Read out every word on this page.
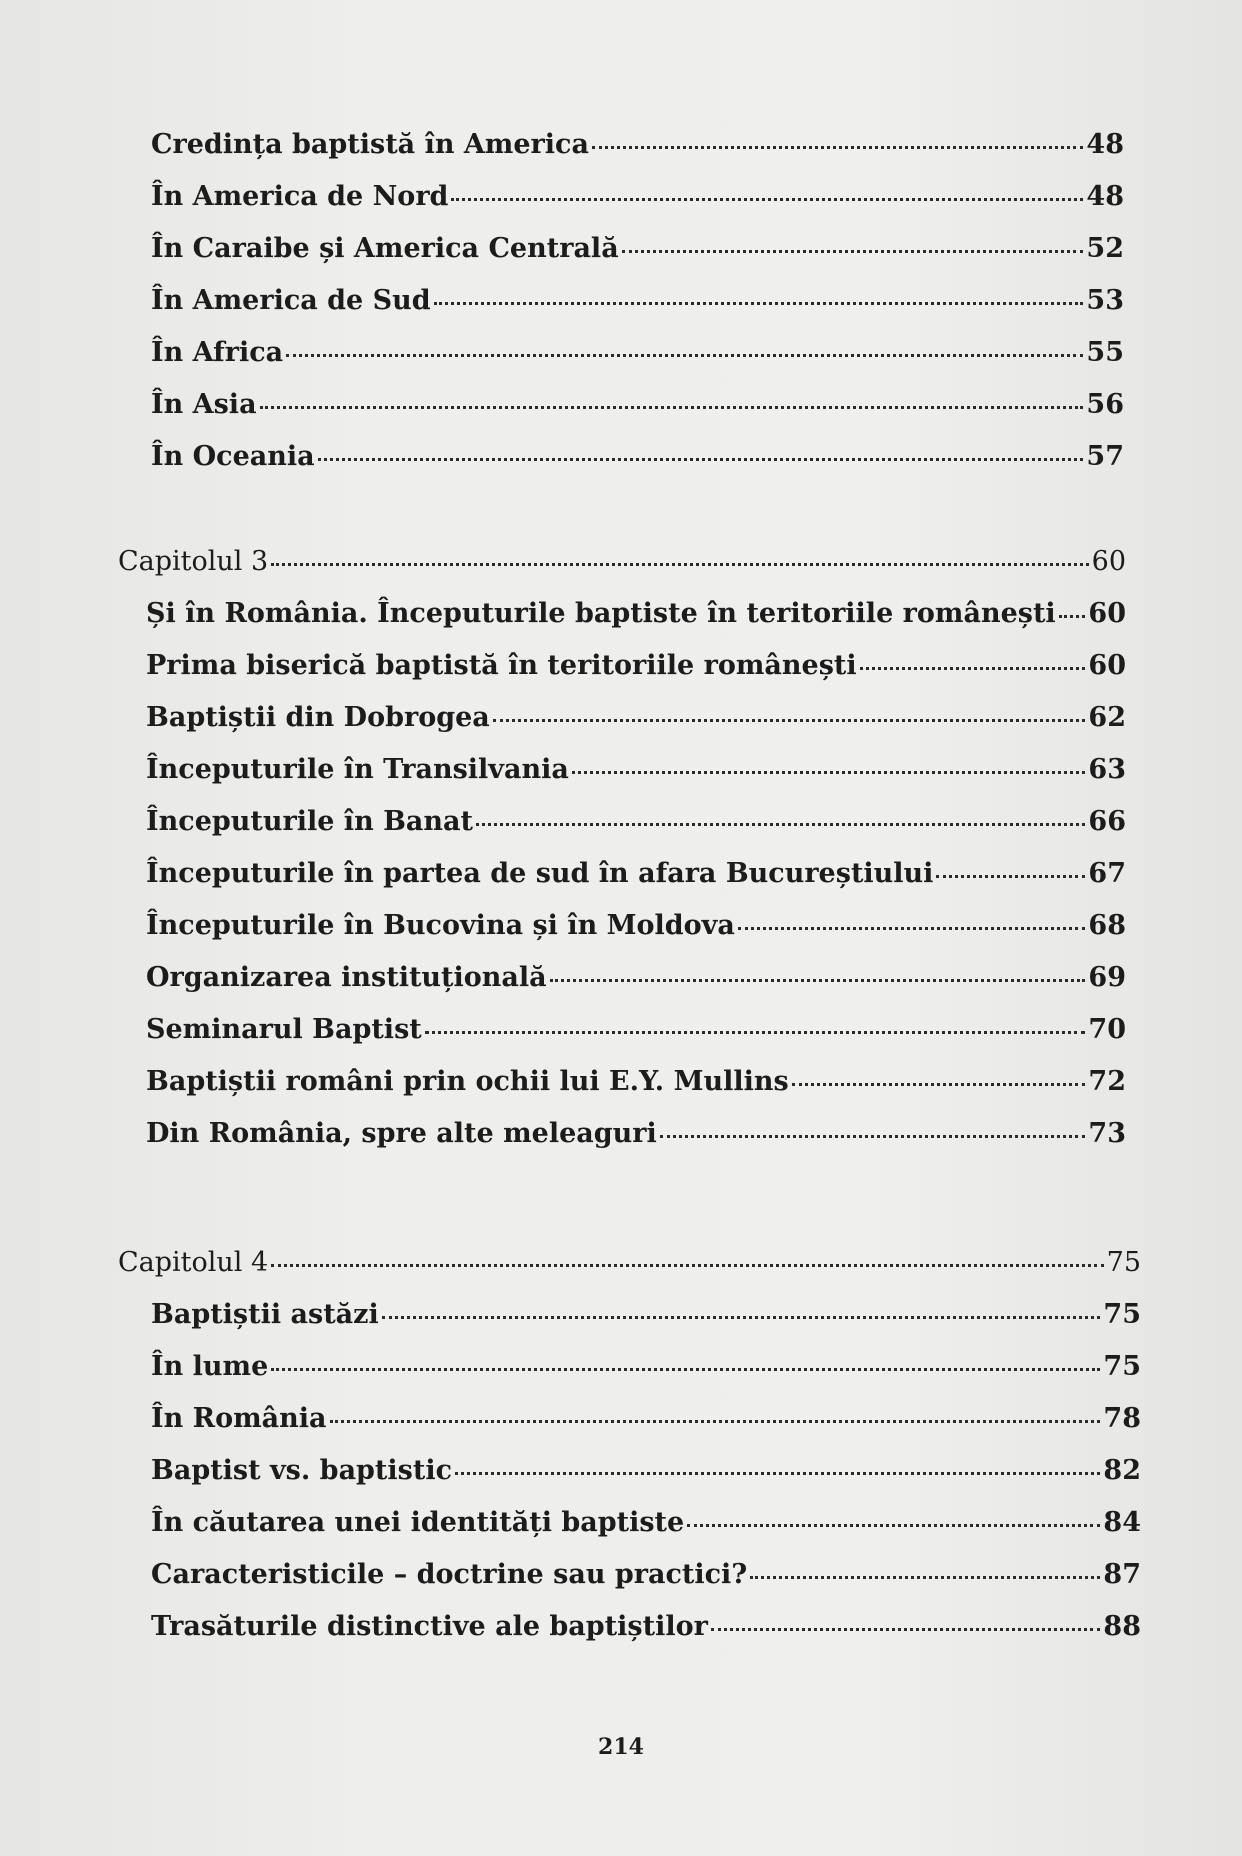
Credința baptistă în America	48
În America de Nord	48
În Caraibe și America Centrală	52
În America de Sud	53
În Africa	55
În Asia	56
În Oceania	57
Capitolul 3	60
Și în România. Începuturile baptiste în teritoriile românești 60
Prima biserică baptistă în teritoriile românești	60
Baptiștii din Dobrogea	62
Începuturile în Transilvania	63
Începuturile în Banat	66
Începuturile în partea de sud în afara Bucureștiului	67
Începuturile în Bucovina și în Moldova	68
Organizarea instituțională	69
Seminarul Baptist	70
Baptiștii români prin ochii lui E.Y. Mullins	72
Din România, spre alte meleaguri	73
Capitolul 4	75
Baptiștii astăzi	75
În lume	75
În România	78
Baptist vs. baptistic	82
În căutarea unei identități baptiste	84
Caracteristicile – doctrine sau practici?	87
Trasăturile distinctive ale baptiștilor	88
214
